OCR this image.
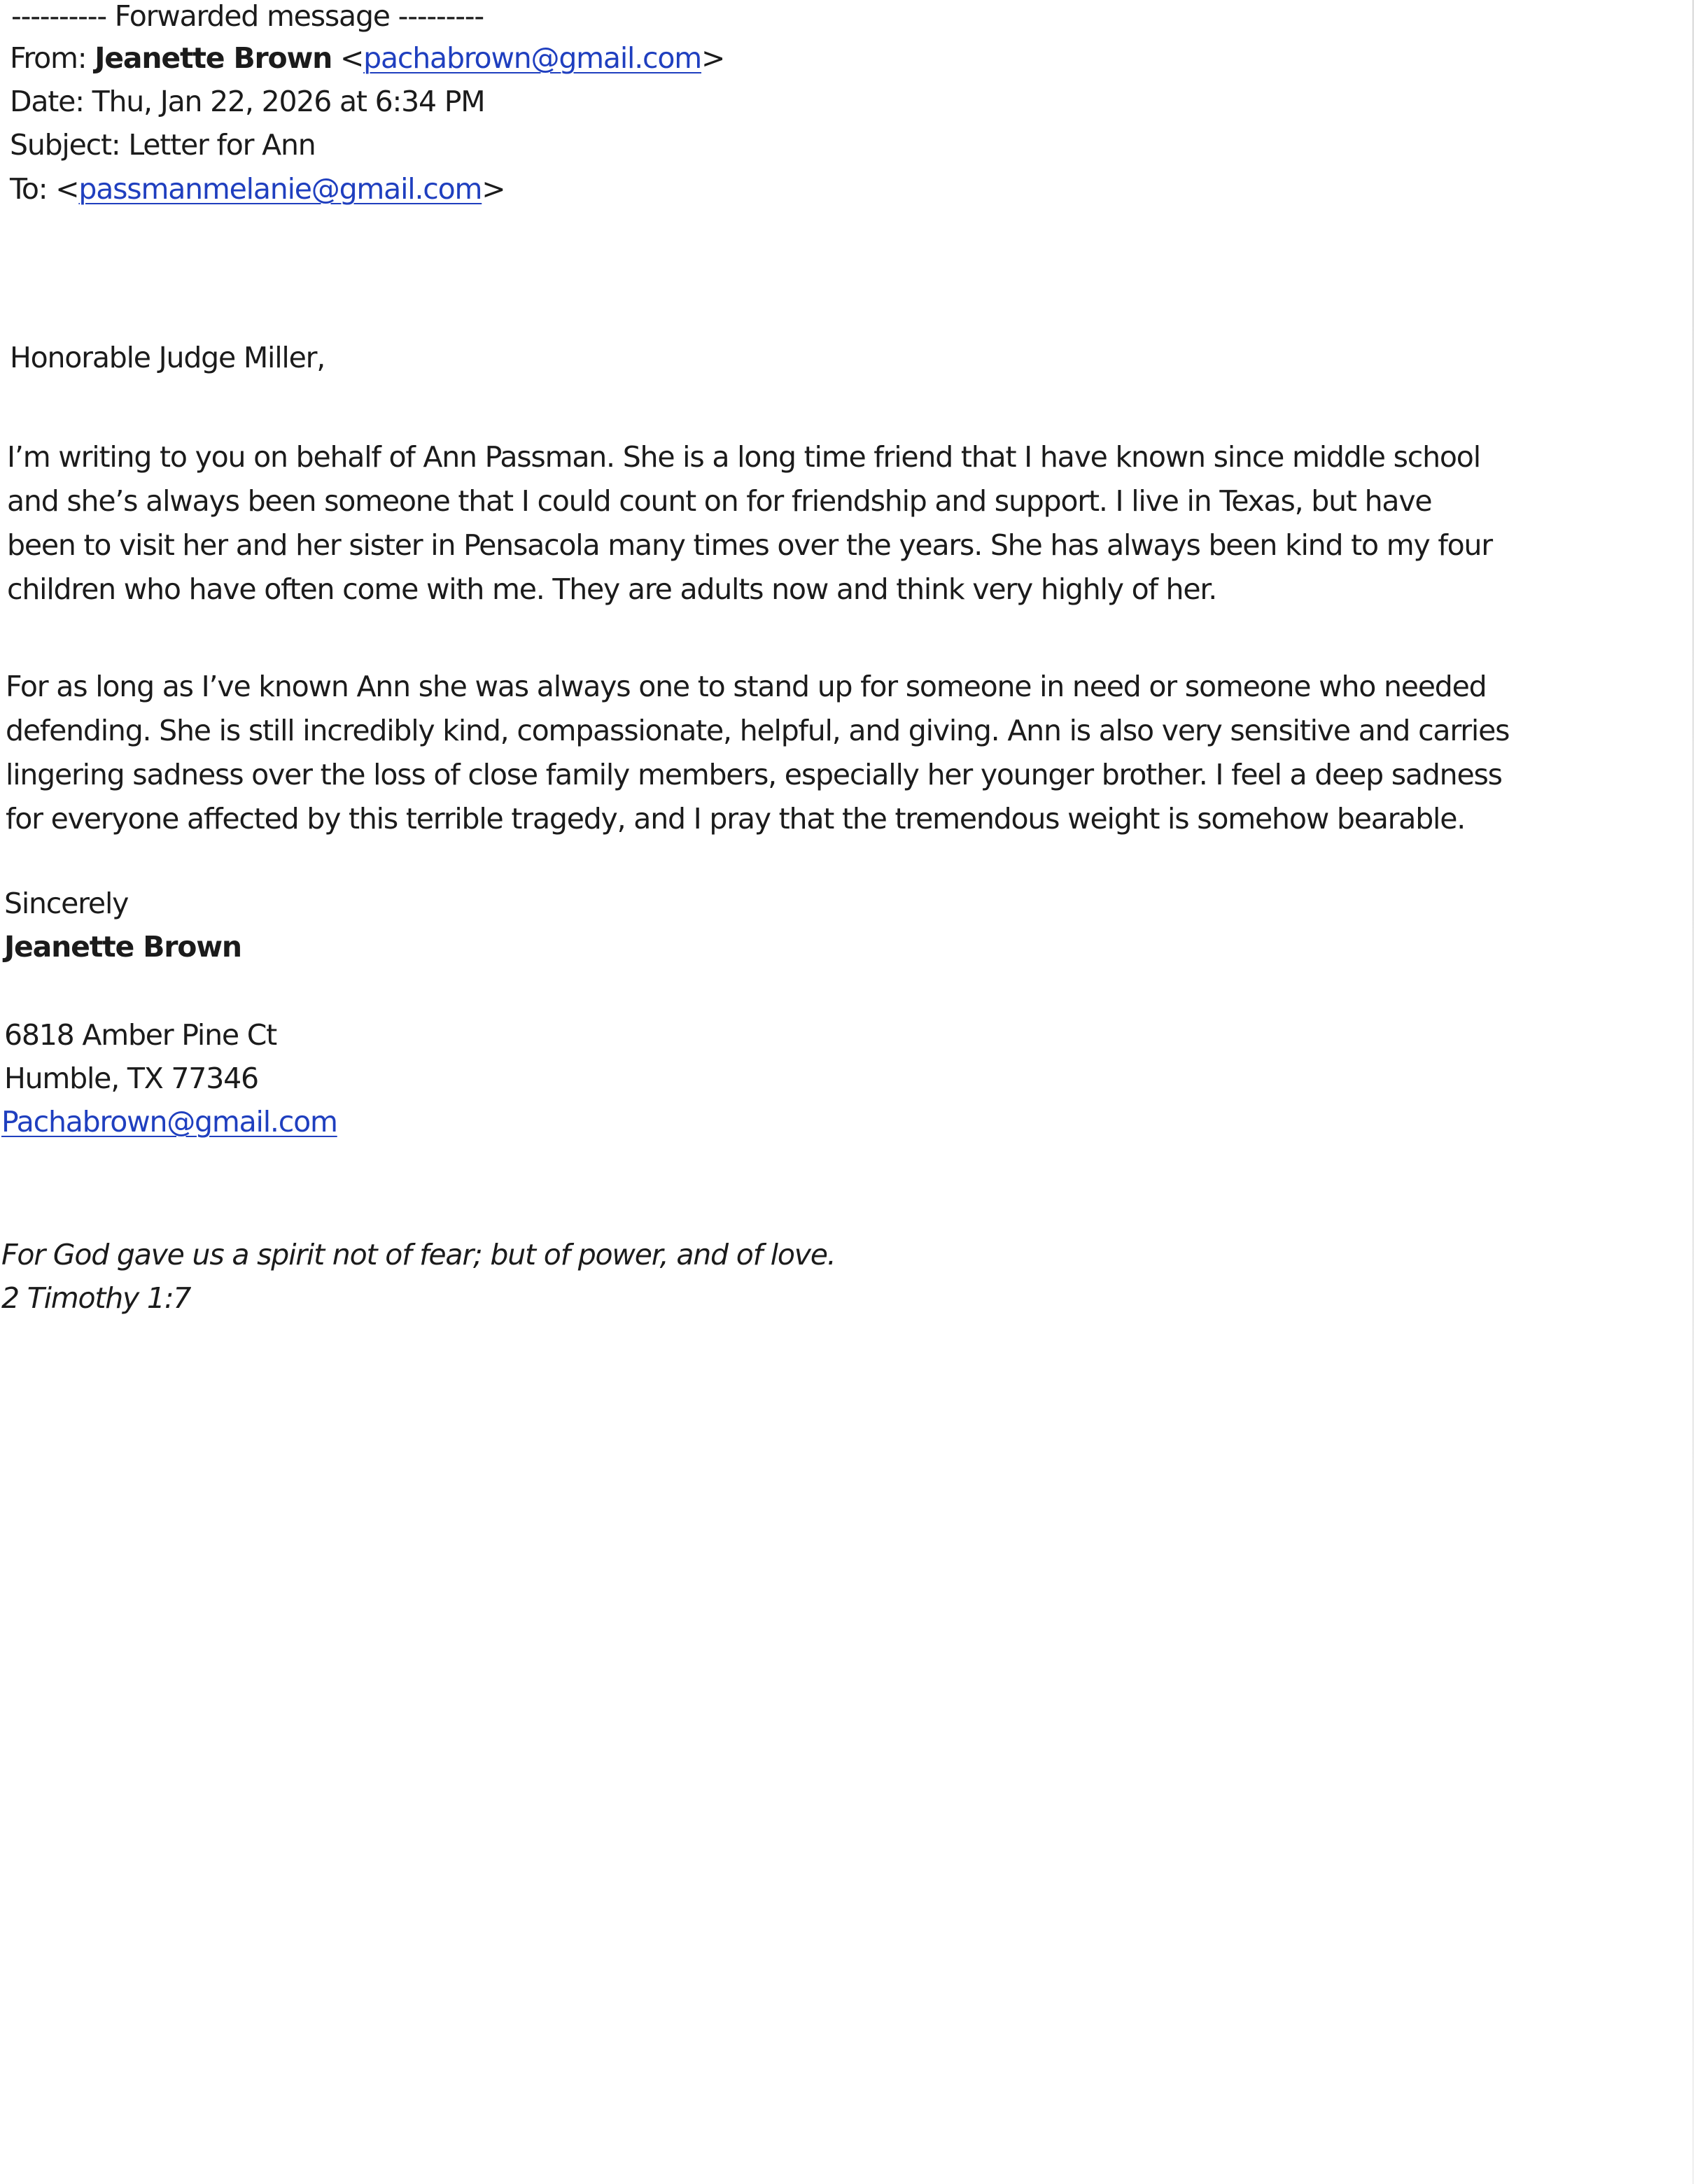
---------- Forwarded message ---------

From: Jeanette Brown <pachabrown@gmail.com>

Date: Thu, Jan 22, 2026 at 6:34 PM

Subject: Letter for Ann

To: <passmanmelanie@gmail.com>

Honorable Judge Miller,

I’m writing to you on behalf of Ann Passman. She is a long time friend that I have known since middle school
and she’s always been someone that I could count on for friendship and support. I live in Texas, but have
been to visit her and her sister in Pensacola many times over the years. She has always been kind to my four
children who have often come with me. They are adults now and think very highly of her.
For as long as I’ve known Ann she was always one to stand up for someone in need or someone who needed
defending. She is still incredibly kind, compassionate, helpful, and giving. Ann is also very sensitive and carries
lingering sadness over the loss of close family members, especially her younger brother. I feel a deep sadness
for everyone affected by this terrible tragedy, and I pray that the tremendous weight is somehow bearable.

Sincerely

Jeanette Brown

6818 Amber Pine Ct

Humble, TX 77346

Pachabrown@gmail.com

For God gave us a spirit not of fear; but of power, and of love.

2 Timothy 1:7
